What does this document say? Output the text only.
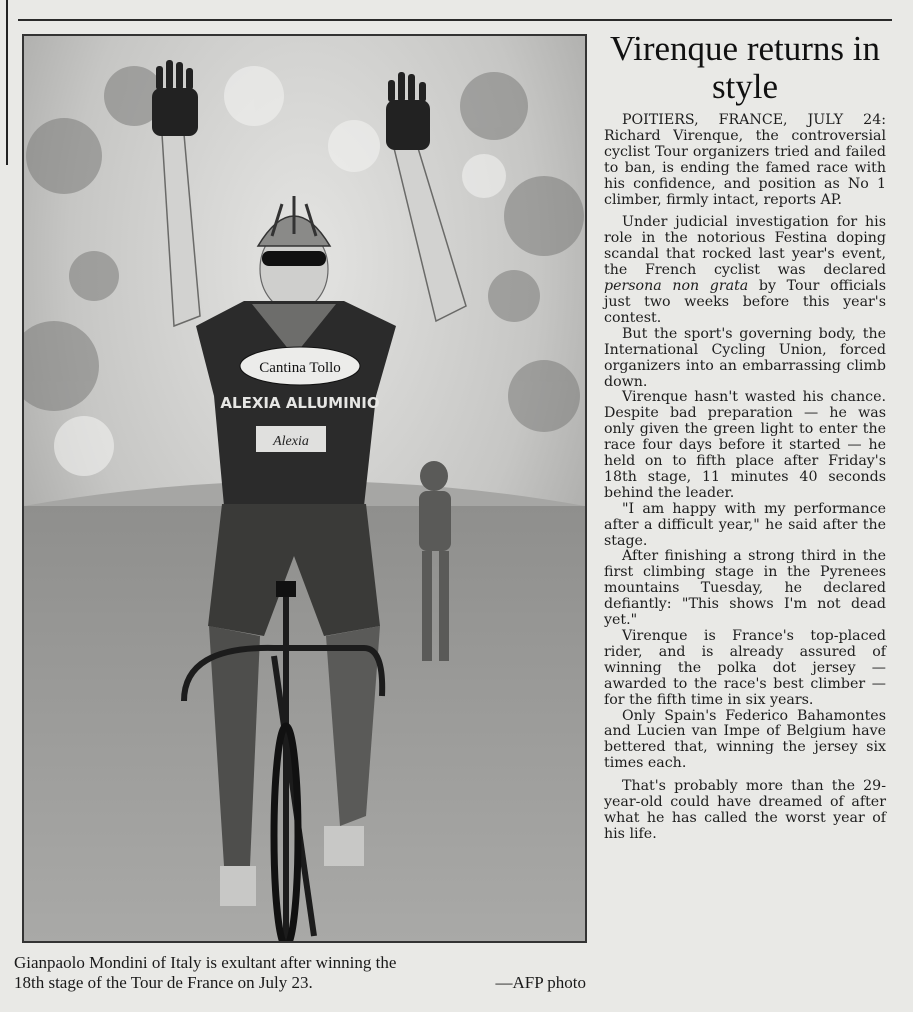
Cantina Tollo
ALEXIA ALLUMINIO
Alexia
Gianpaolo Mondini of Italy is exultant after winning the
18th stage of the Tour de France on July 23.	—AFP photo
Virenque returns in style

POITIERS, FRANCE, JULY 24: Richard Virenque, the controversial cyclist Tour organizers tried and failed to ban, is ending the famed race with his confidence, and position as No 1 climber, firmly intact, reports AP.

Under judicial investigation for his role in the notorious Festina doping scandal that rocked last year's event, the French cyclist was declared persona non grata by Tour officials just two weeks before this year's contest.

But the sport's governing body, the International Cycling Union, forced organizers into an embarrassing climb down.

Virenque hasn't wasted his chance. Despite bad preparation — he was only given the green light to enter the race four days before it started — he held on to fifth place after Friday's 18th stage, 11 minutes 40 seconds behind the leader.

"I am happy with my performance after a difficult year," he said after the stage.

After finishing a strong third in the first climbing stage in the Pyrenees mountains Tuesday, he declared defiantly: "This shows I'm not dead yet."

Virenque is France's top-placed rider, and is already assured of winning the polka dot jersey — awarded to the race's best climber — for the fifth time in six years.

Only Spain's Federico Bahamontes and Lucien van Impe of Belgium have bettered that, winning the jersey six times each.

That's probably more than the 29-year-old could have dreamed of after what he has called the worst year of his life.
